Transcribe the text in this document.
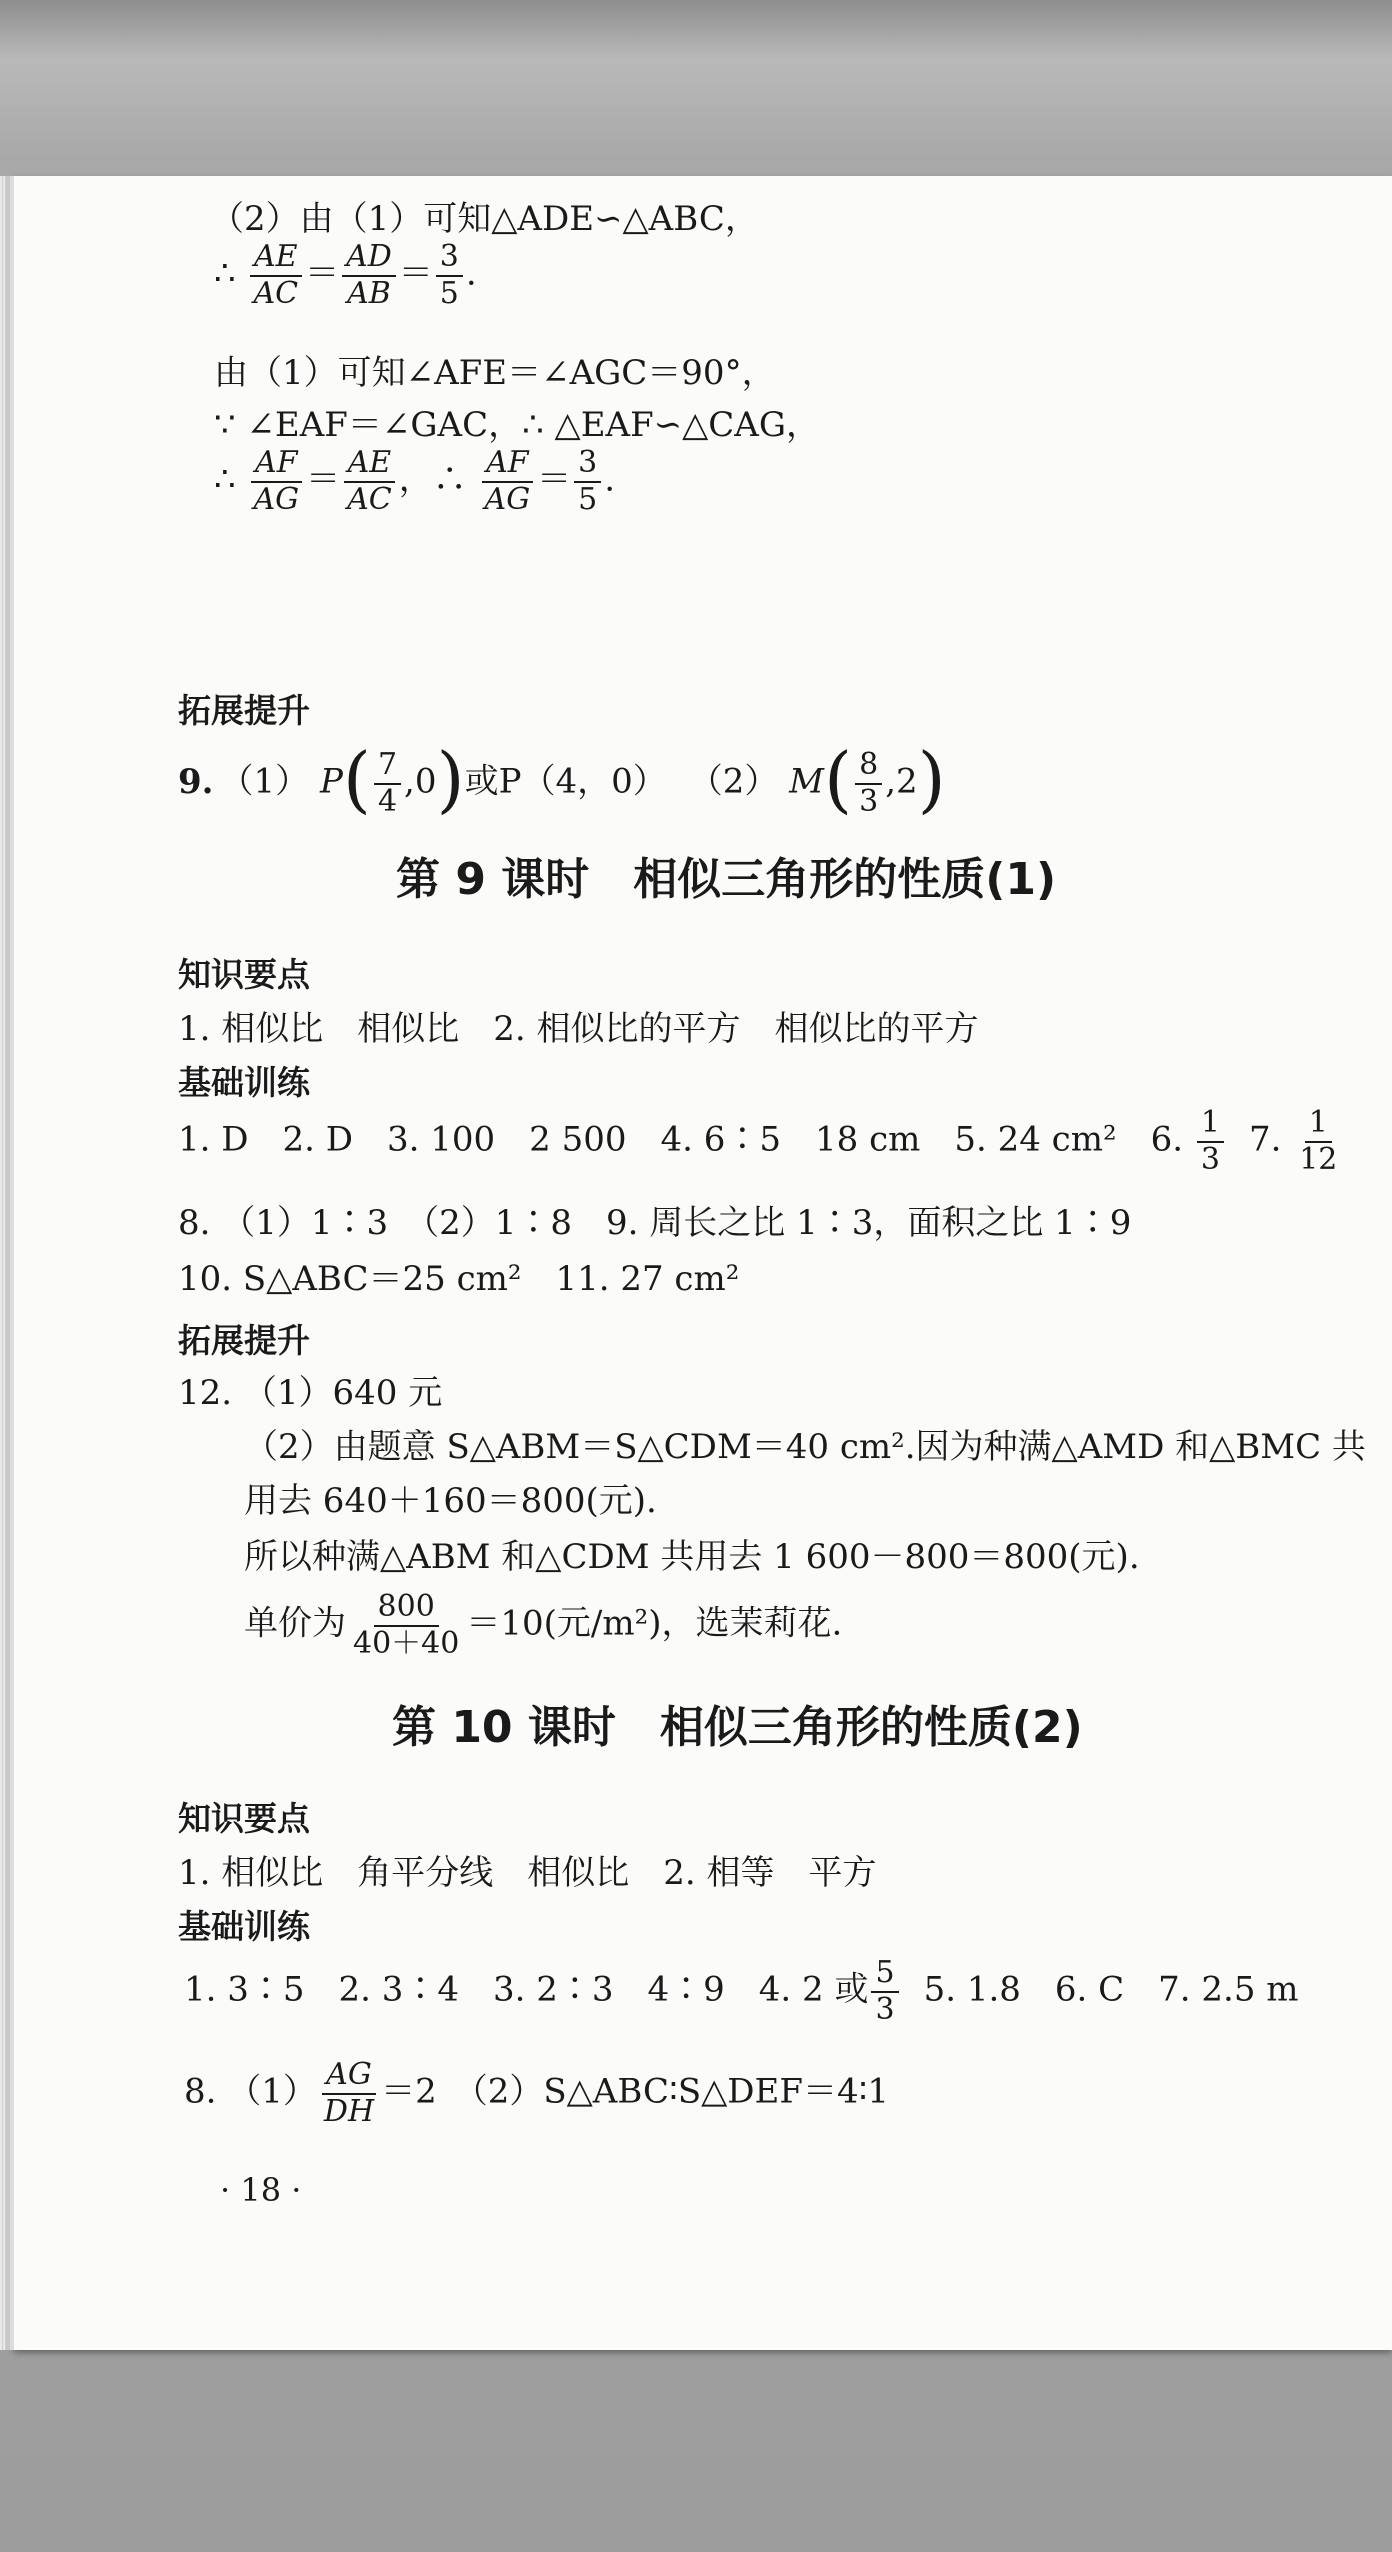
（2）由（1）可知△ADE∽△ABC，
∴ $\frac{AE}{AC} = \frac{AD}{AB} = \frac{3}{5}$ .
由（1）可知∠AFE＝∠AGC＝90°，
∵ ∠EAF＝∠GAC，∴ △EAF∽△CAG，
∴ $\frac{AF}{AG} = \frac{AE}{AC}$ ，∴ $\frac{AF}{AG} = \frac{3}{5}$ .
拓展提升
9. （1） $P( \frac{7}{4} ,0)$或P（4，0） （2） $M( \frac{8}{3} ,2)$
第 9 课时　相似三角形的性质(1)
知识要点
1. 相似比　相似比　2. 相似比的平方　相似比的平方
基础训练
1. D　2. D　3. 100　2 500　4. 6∶5　18 cm　5. 24 cm²　6. $\frac{1}{3} 7$. $\frac{1}{12}$
8. （1）1∶3　（2）1∶8　9. 周长之比 1∶3，面积之比 1∶9
10. S△ABC＝25 cm²　11. 27 cm²
拓展提升
12. （1）640 元
（2）由题意 S△ABM＝S△CDM＝40 cm².因为种满△AMD 和△BMC 共
用去 640＋160＝800(元).
所以种满△ABM 和△CDM 共用去 1 600－800＝800(元).
单价为 $\frac{800}{40+40} =10$(元/m²)，选茉莉花.
第 10 课时　相似三角形的性质(2)
知识要点
1. 相似比　角平分线　相似比　2. 相等　平方
基础训练
1. 3∶5　2. 3∶4　3. 2∶3　4∶9　4. 2 或 $\frac{5}{3} 5$. 1.8　6. C　7. 2.5 m
8. $(1) \frac{AG}{DH} =2$　（2）S△ABC∶S△DEF＝4∶1
· 18 ·
